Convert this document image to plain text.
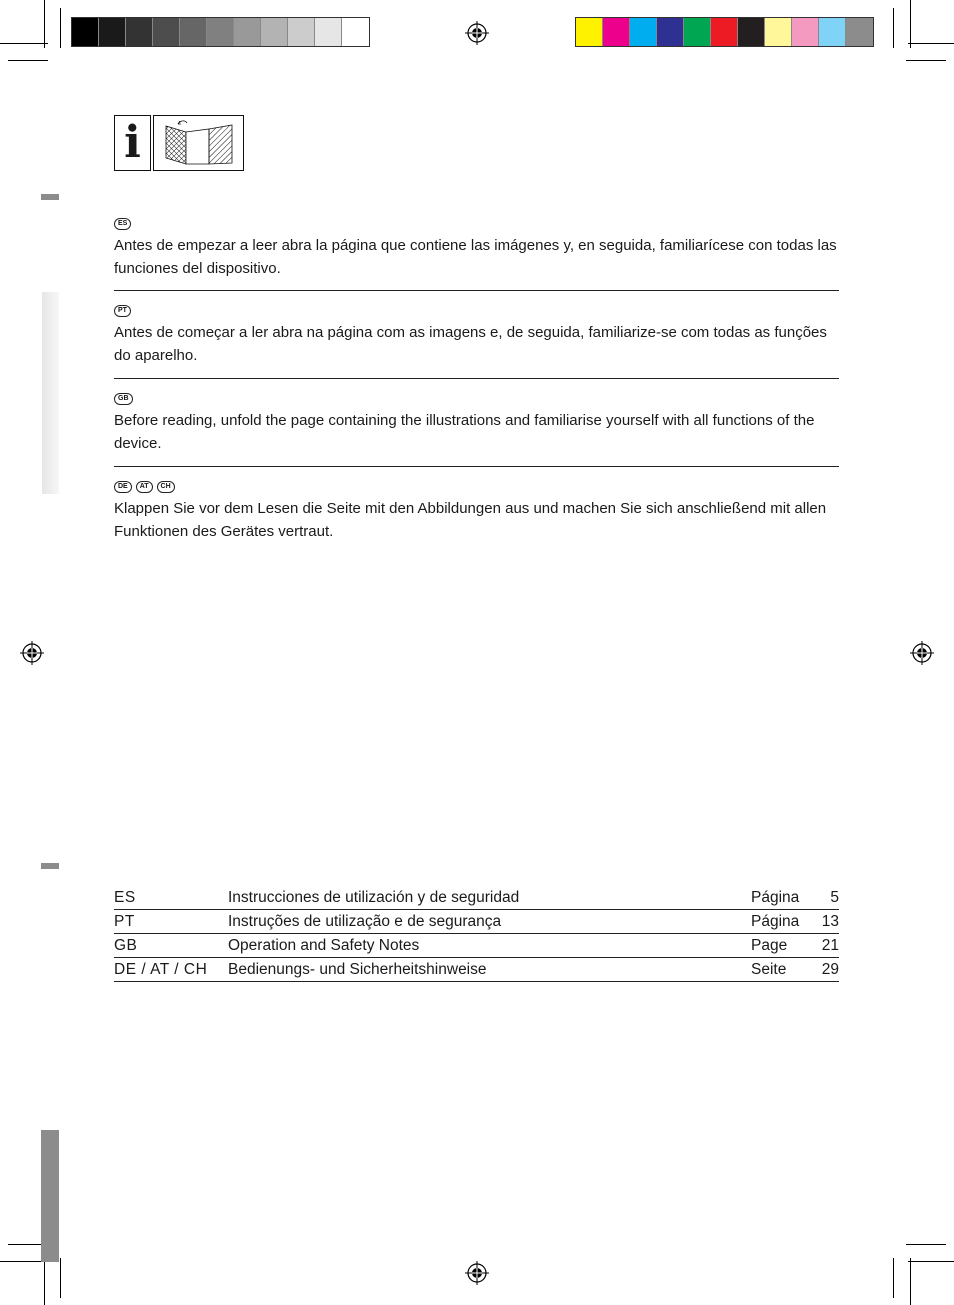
i
ES

Antes de empezar a leer abra la página que contiene las imágenes y, en seguida, familiarícese con todas las funciones del dispositivo.

PT

Antes de começar a ler abra na página com as imagens e, de seguida, familiarize-se com todas as funções do aparelho.

GB

Before reading, unfold the page containing the illustrations and familiarise yourself with all functions of the device.

DE	AT	CH

Klappen Sie vor dem Lesen die Seite mit den Abbildungen aus und machen Sie sich anschließend mit allen Funktionen des Gerätes vertraut.

ES	Instrucciones de utilización y de seguridad	Página	5
PT	Instruções de utilização e de segurança	Página	13
GB	Operation and Safety Notes	Page	21
DE / AT / CH	Bedienungs- und Sicherheitshinweise	Seite	29
